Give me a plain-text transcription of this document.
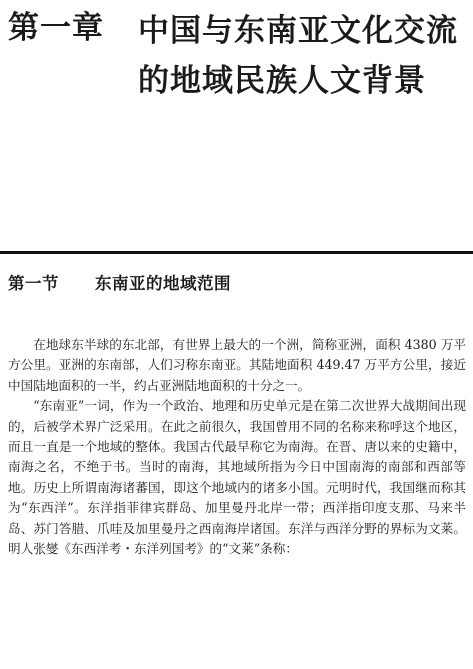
第一章 中国与东南亚文化交流
的地域民族人文背景
第一节 东南亚的地域范围

在地球东半球的东北部，有世界上最大的一个洲，简称亚洲，面积 4380 万平方公里。亚洲的东南部，人们习称东南亚。其陆地面积 449.47 万平方公里，接近中国陆地面积的一半，约占亚洲陆地面积的十分之一。

“东南亚”一词，作为一个政治、地理和历史单元是在第二次世界大战期间出现的，后被学术界广泛采用。在此之前很久，我国曾用不同的名称来称呼这个地区，而且一直是一个地域的整体。我国古代最早称它为南海。在晋、唐以来的史籍中，南海之名，不绝于书。当时的南海，其地域所指为今日中国南海的南部和西部等地。历史上所谓南海诸蕃国，即这个地域内的诸多小国。元明时代，我国继而称其为“东西洋”。东洋指菲律宾群岛、加里曼丹北岸一带；西洋指印度支那、马来半岛、苏门答腊、爪哇及加里曼丹之西南海岸诸国。东洋与西洋分野的界标为文莱。明人张燮《东西洋考・东洋列国考》的“文莱”条称：
